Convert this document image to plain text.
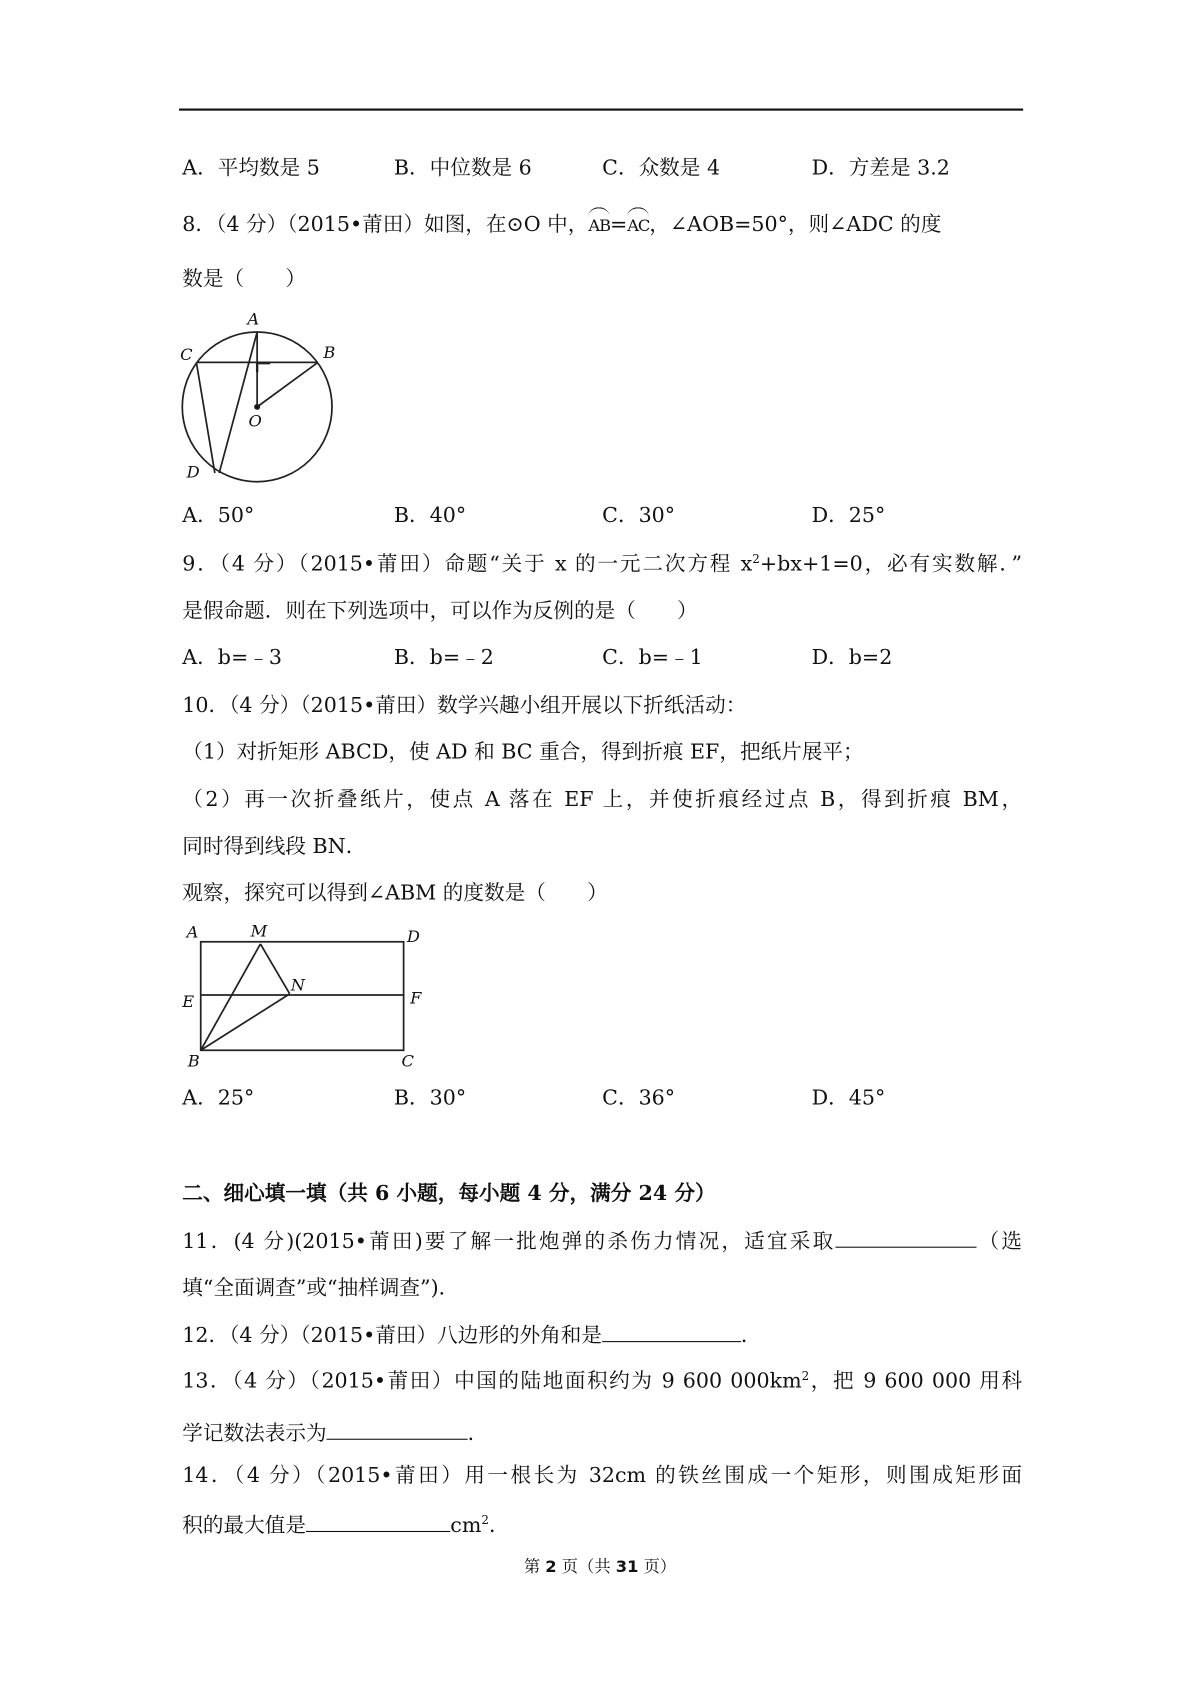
A．平均数是 5	B．中位数是 6	C．众数是 4	D．方差是 3.2
8．（4 分）（2015•莆田）如图，在⊙O 中，AB=AC，∠AOB=50°，则∠ADC 的度
数是（　　）
A
C	B
O
D
A	M	D
E
N
F
B	C
A．50°	B．40°	C．30°	D．25°
9．（4 分）（2015•莆田）命题“关于 x 的一元二次方程 $x^2+bx+1=0$，必有实数解．”
是假命题．则在下列选项中，可以作为反例的是（　　）
A．b=﹣3	B．b=﹣2	C．b=﹣1	D．b=2
10．（4 分）（2015•莆田）数学兴趣小组开展以下折纸活动：
（1）对折矩形 ABCD，使 AD 和 BC 重合，得到折痕 EF，把纸片展平；
（2）再一次折叠纸片，使点 A 落在 EF 上，并使折痕经过点 B，得到折痕 BM，
同时得到线段 BN．
观察，探究可以得到∠ABM 的度数是（　　）
A．25°	B．30°	C．36°	D．45°
二、细心填一填（共 6 小题，每小题 4 分，满分 24 分）
11．(4 分)(2015•莆田)要了解一批炮弹的杀伤力情况，适宜采取	（选
填“全面调查”或“抽样调查”)．
12．（4 分）（2015•莆田）八边形的外角和是	．
13．（4 分）（2015•莆田）中国的陆地面积约为 9 600 $000km^2$，把 9 600 000 用科
学记数法表示为	．
14．（4 分）（2015•莆田）用一根长为 32cm 的铁丝围成一个矩形，则围成矩形面
积的最大值是	$cm^2$．
第 2 页（共 31 页）
